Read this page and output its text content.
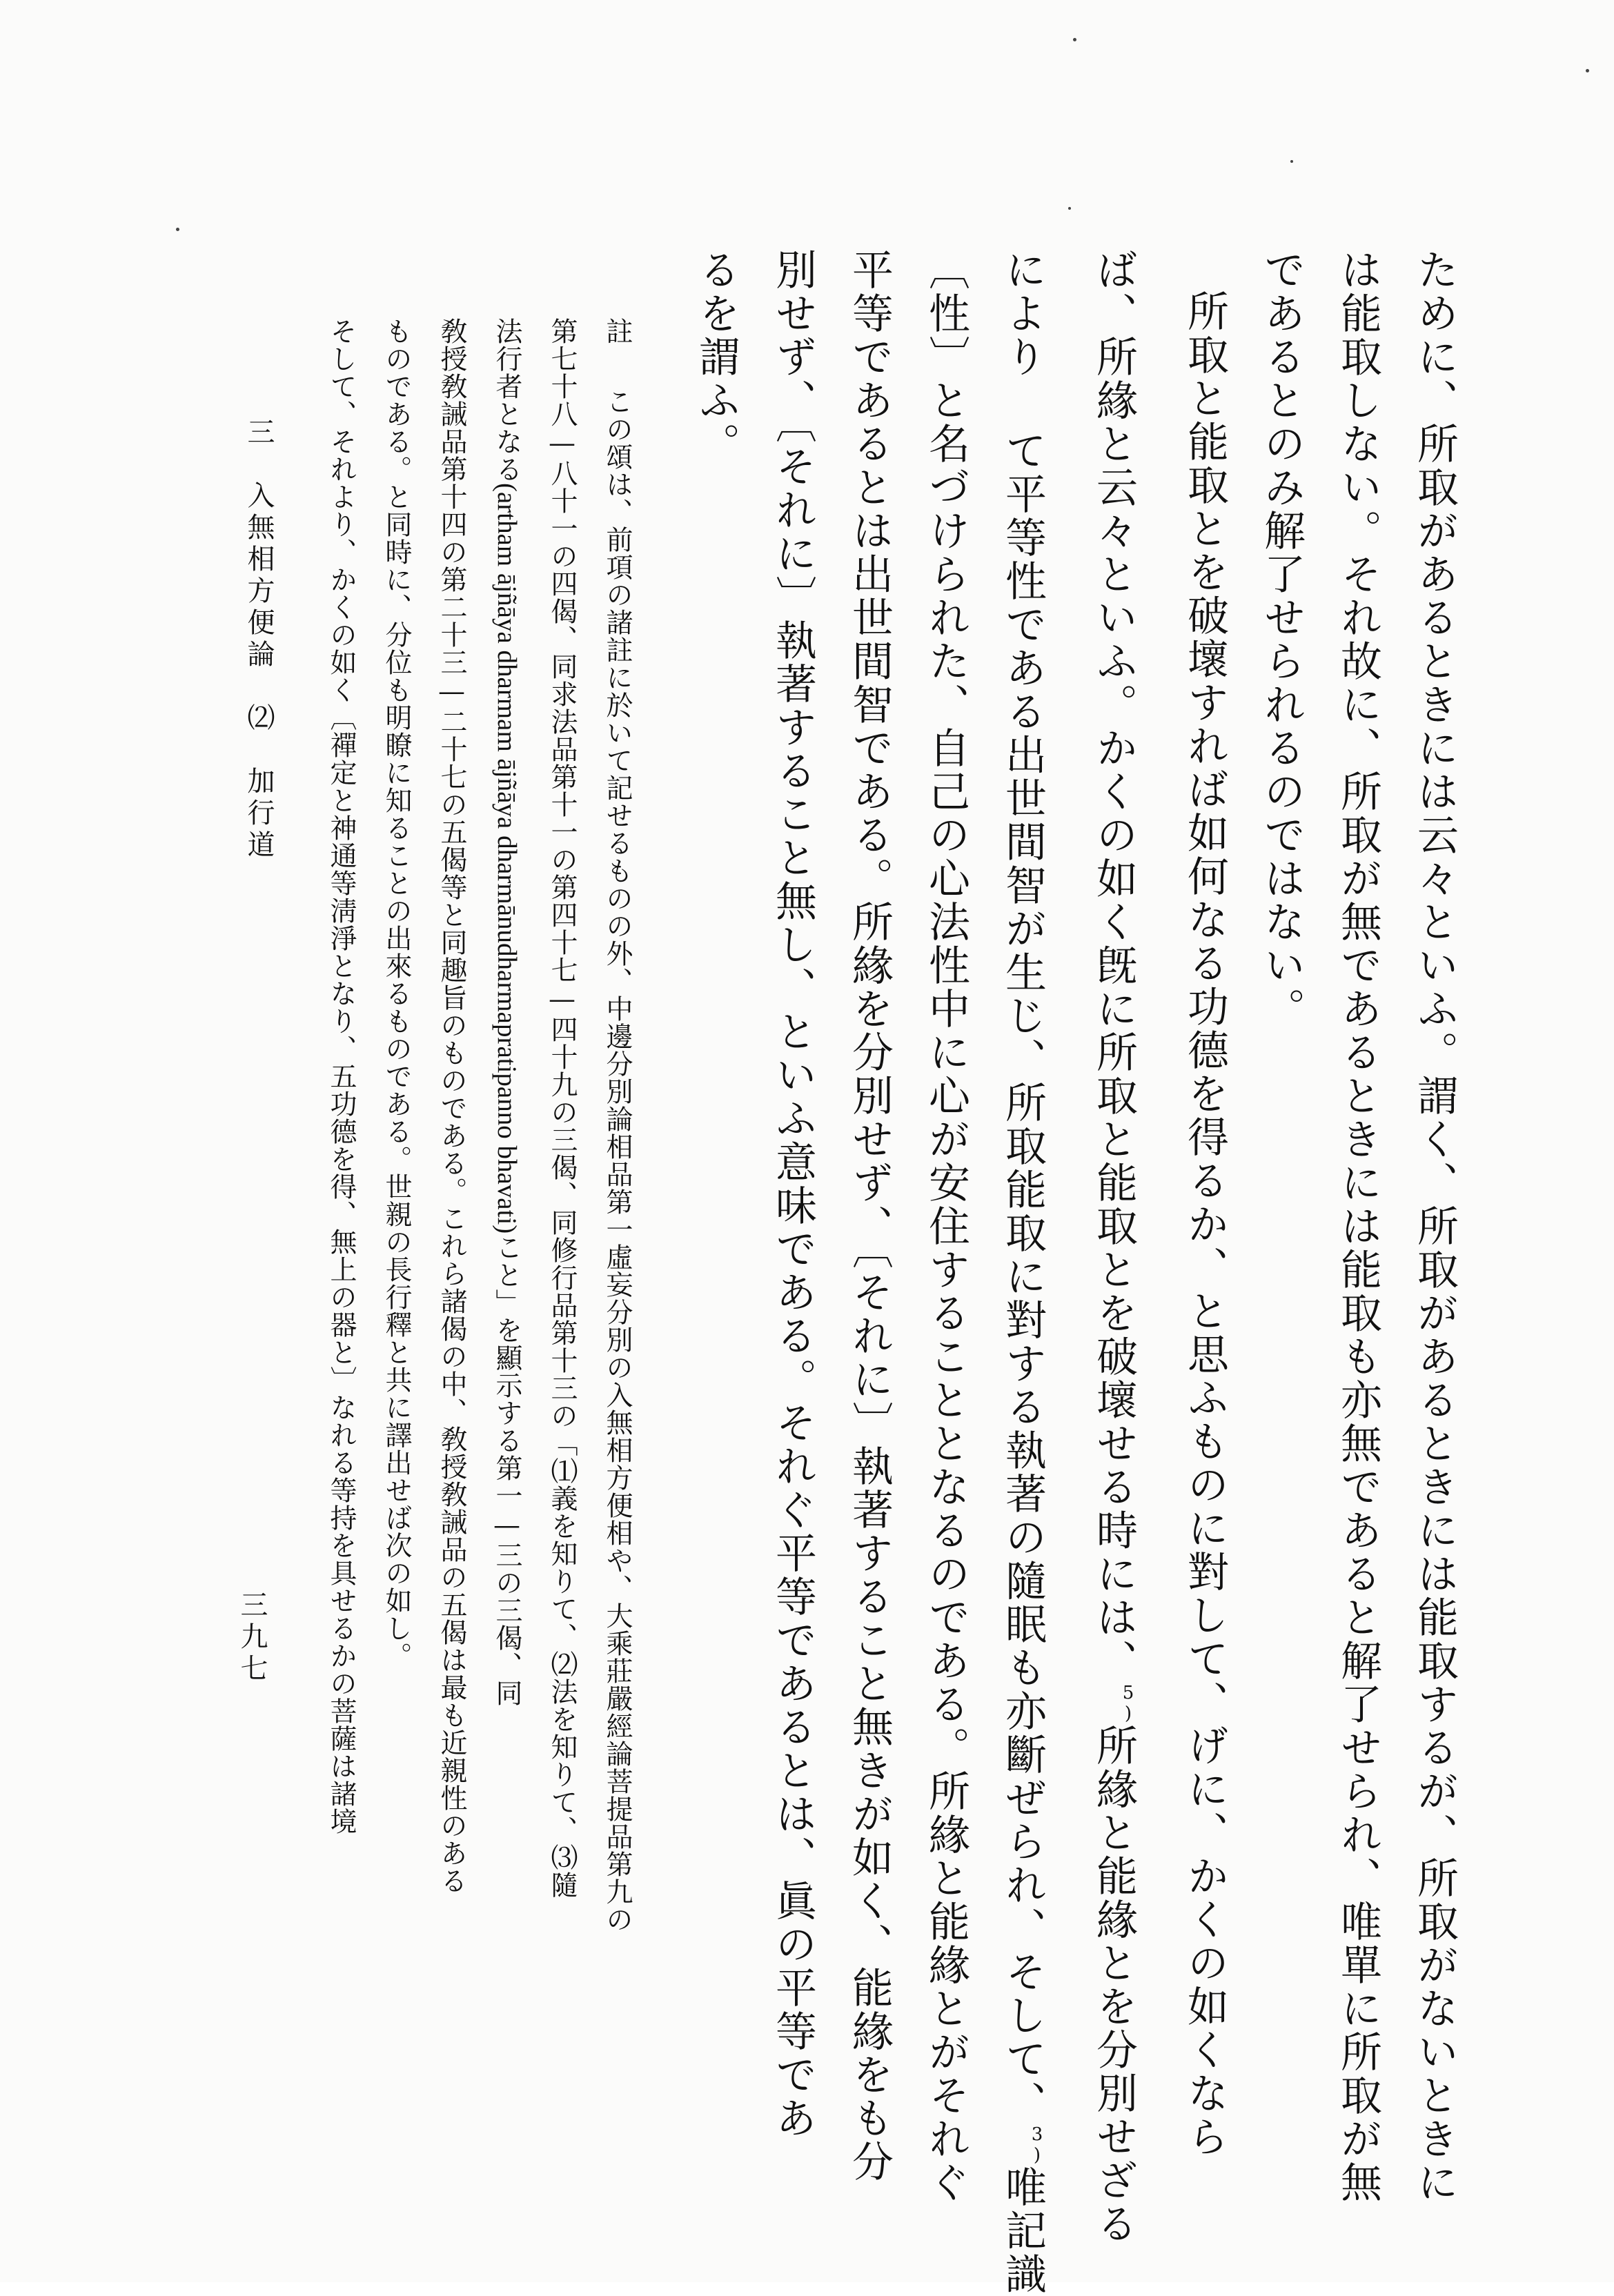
ために、所取があるときには云々といふ。謂く、所取があるときには能取するが、所取がないときに
は能取しない。それ故に、所取が無であるときには能取も亦無であると解了せられ、唯單に所取が無
であるとのみ解了せられるのではない。
所取と能取とを破壞すれば如何なる功德を得るか、と思ふものに對して、げに、かくの如くなら
ば、所緣と云々といふ。かくの如く旣に所取と能取とを破壞せる時には、$^{5)}$所緣と能緣とを分別せざる
により て平等性である出世間智が生じ、所取能取に對する執著の隨眠も亦斷ぜられ、そして、$^{3)}$唯記識
〔性〕と名づけられた、自己の心法性中に心が安住することとなるのである。所緣と能緣とがそれぐ
平等であるとは出世間智である。所緣を分別せず、〔それに〕執著すること無きが如く、能緣をも分
別せず、〔それに〕執著すること無し、といふ意味である。それぐ平等であるとは、眞の平等であ
るを謂ふ。
註　この頌は、前項の諸註に於いて記せるものの外、中邊分別論相品第一虛妄分別の入無相方便相や、大乘莊嚴經論菩提品第九の
第七十八—八十一の四偈、同求法品第十一の第四十七—四十九の三偈、同修行品第十三の「⑴義を知りて、⑵法を知りて、⑶隨
法行者となる(artham ājñāya dharmam ājñāya dharmānudharmapratipanno bhavati)こと」を顯示する第一—三の三偈、同
敎授敎誡品第十四の第二十三—二十七の五偈等と同趣旨のものである。これら諸偈の中、敎授敎誡品の五偈は最も近親性のある
ものである。と同時に、分位も明瞭に知ることの出來るものである。世親の長行釋と共に譯出せば次の如し。
そして、それより、かくの如く〔禪定と神通等淸淨となり、五功德を得、無上の器と〕なれる等持を具せるかの菩薩は諸境
三　入無相方便論　⑵　加行道
三九七
